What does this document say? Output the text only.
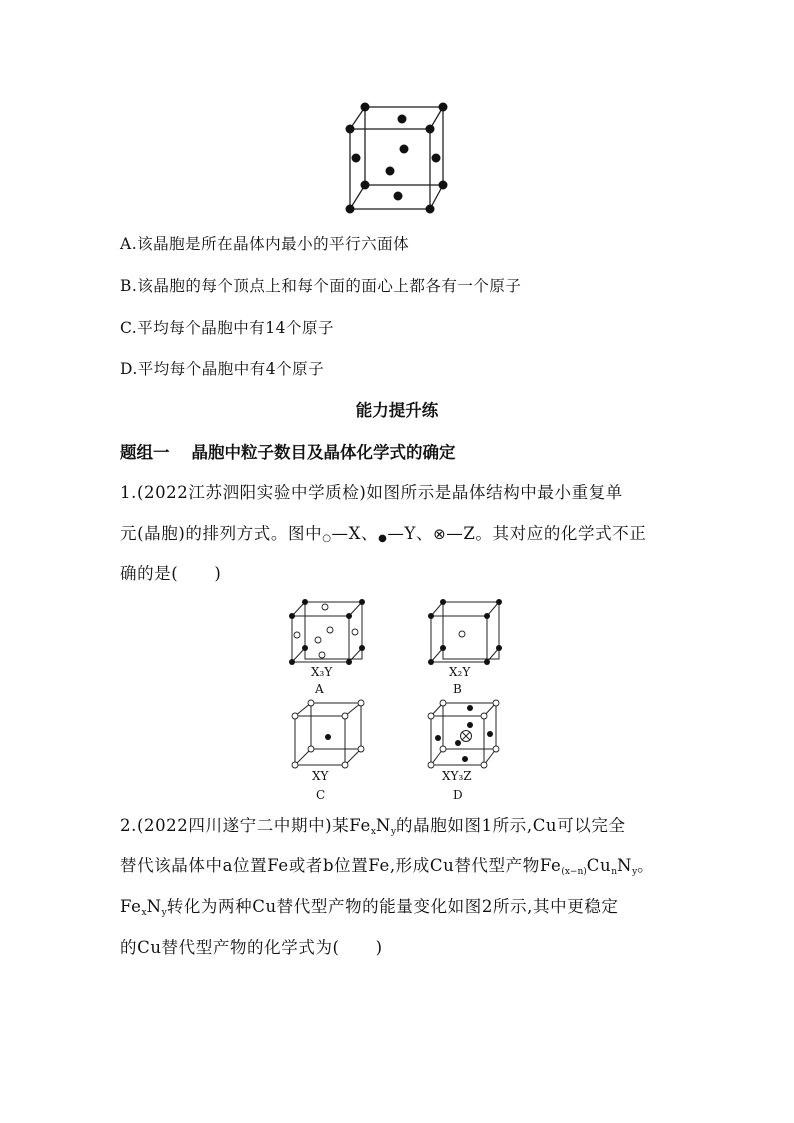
X₃Y
A
X₂Y
B
XY
C
XY₃Z
D
A.该晶胞是所在晶体内最小的平行六面体
B.该晶胞的每个顶点上和每个面的面心上都各有一个原子
C.平均每个晶胞中有14个原子
D.平均每个晶胞中有4个原子
能力提升练
题组一 晶胞中粒子数目及晶体化学式的确定
1.(2022江苏泗阳实验中学质检)如图所示是晶体结构中最小重复单
元(晶胞)的排列方式。图中○—X、●—Y、⊗—Z。其对应的化学式不正
确的是( )
2.(2022四川遂宁二中期中)某$Fe_xN_y$的晶胞如图1所示,Cu可以完全
替代该晶体中a位置Fe或者b位置Fe,形成Cu替代型产物$Fe_{(x-n)}Cu_nN_y$。
$Fe_xN_y$转化为两种Cu替代型产物的能量变化如图2所示,其中更稳定
的Cu替代型产物的化学式为( )
